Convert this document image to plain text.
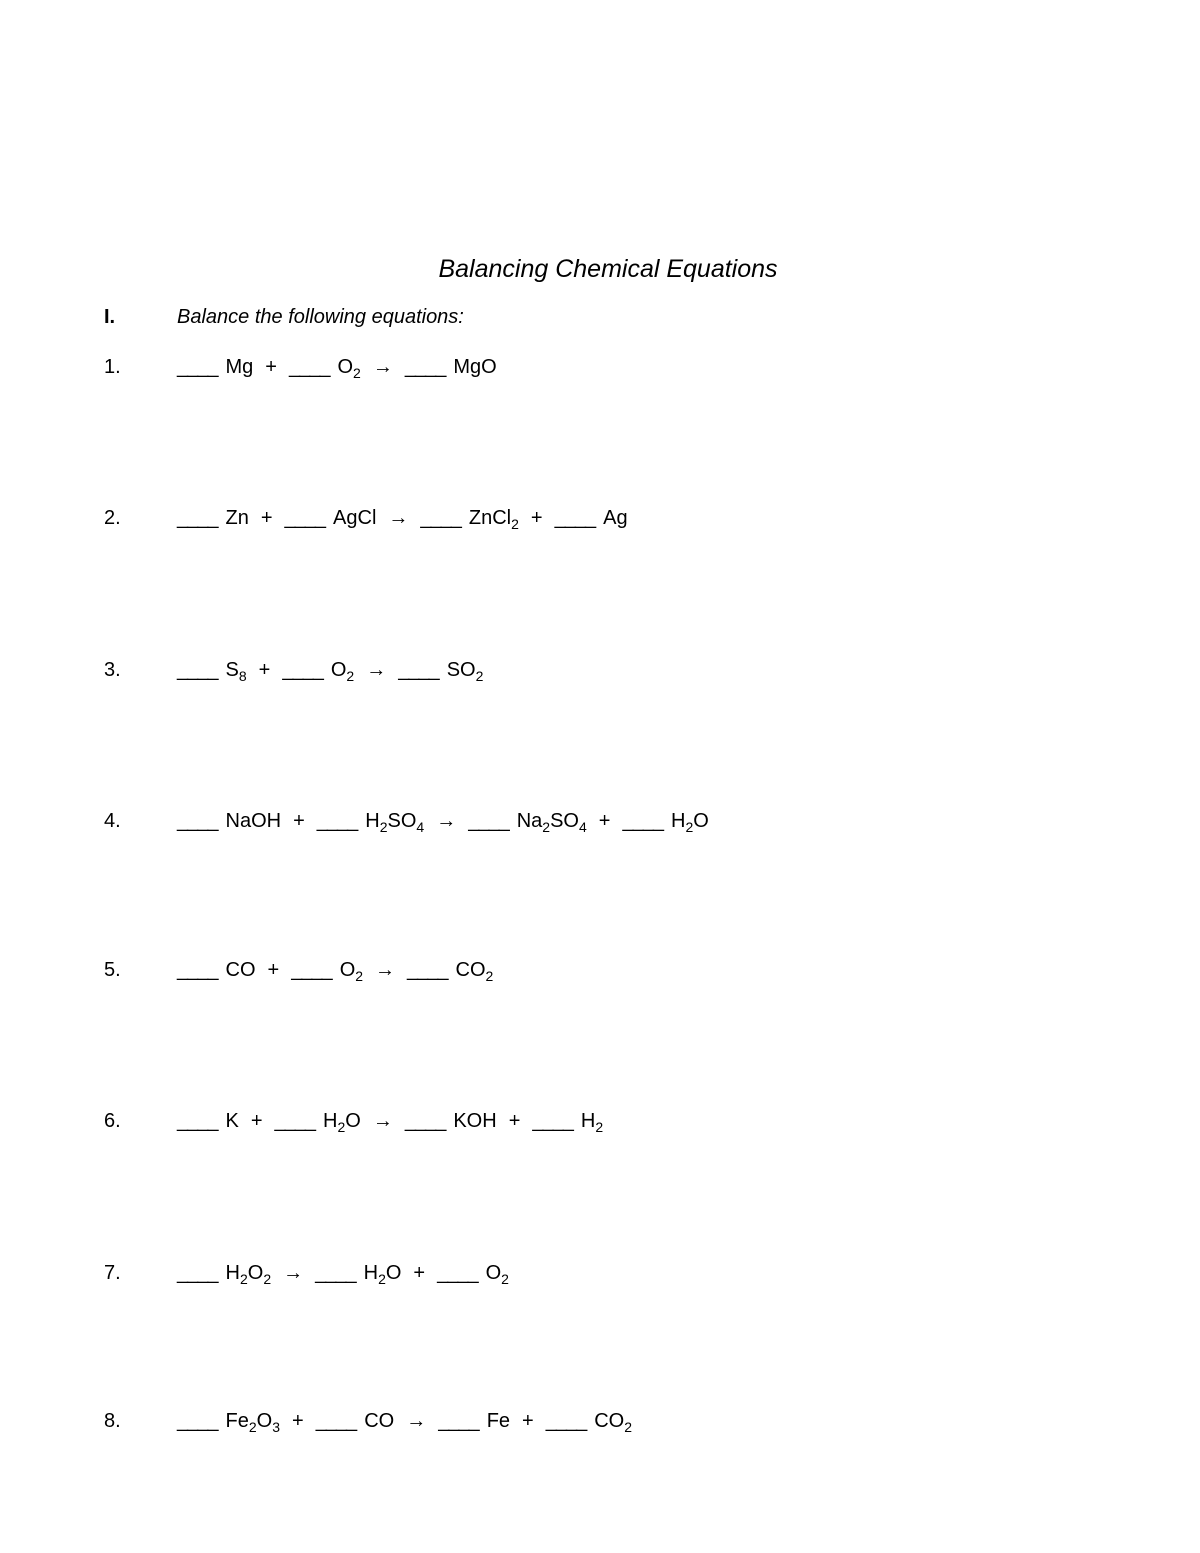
Balancing Chemical Equations
I.	Balance the following equations:
1.	____ Mg + ____ $O_2$ → ____ MgO
2.	____ Zn + ____ AgCl → ____ ZnCl$_2$ + ____ Ag
3.	____ $S_8$ + ____ $O_2$ → ____ $SO_2$
4.	____ NaOH + ____ $H_2SO_4$ → ____ $Na_2SO_4$ + ____ $H_2O$
5.	____ CO + ____ $O_2$ → ____ $CO_2$
6.	____ K + ____ $H_2O$ → ____ KOH + ____ $H_2$
7.	____ $H_2O_2$ → ____ $H_2O$ + ____ $O_2$
8.	____ $Fe_2O_3$ + ____ CO → ____ Fe + ____ $CO_2$
